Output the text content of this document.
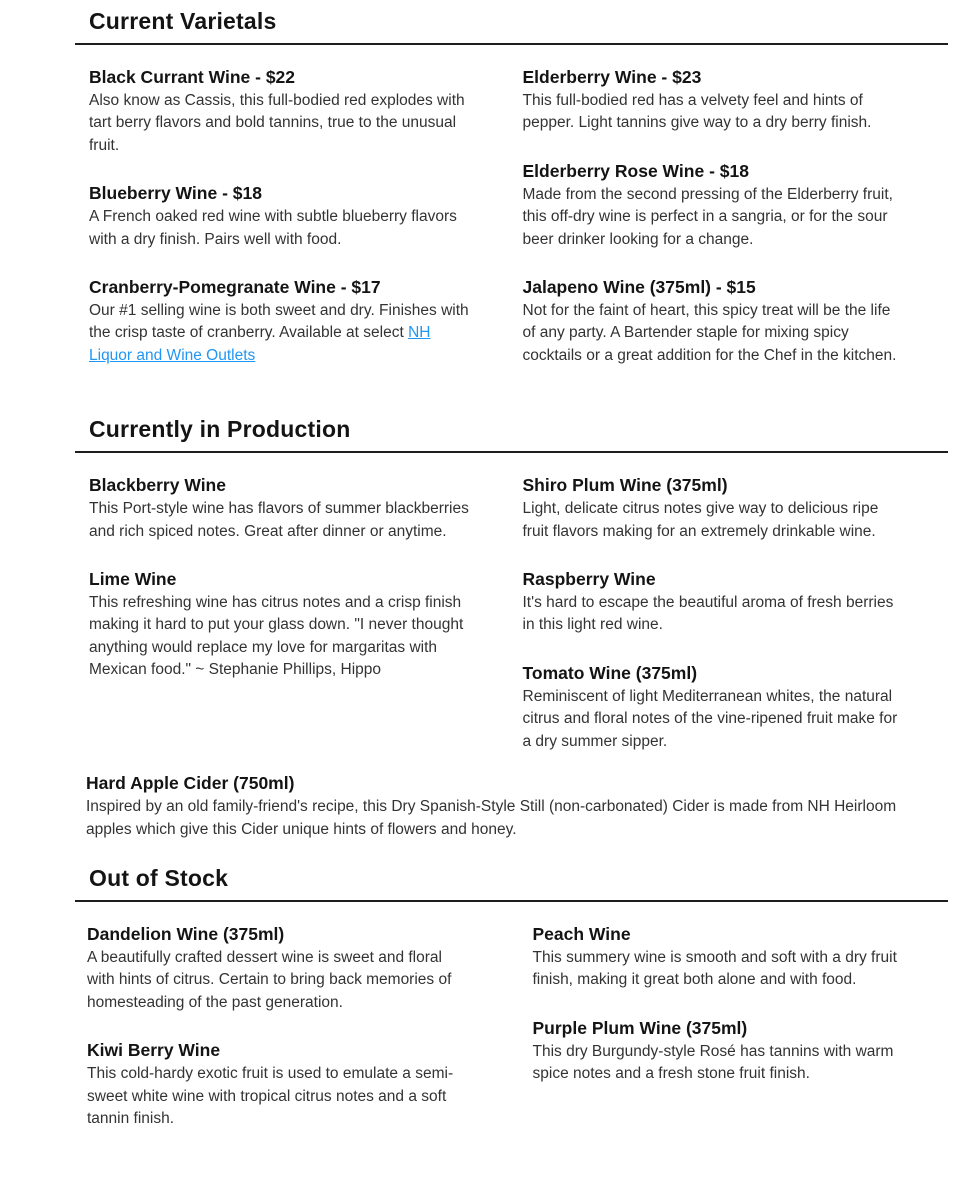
Current Varietals
Black Currant Wine - $22

Also know as Cassis, this full-bodied red explodes with tart berry flavors and bold tannins, true to the unusual fruit.

Blueberry Wine - $18

A French oaked red wine with subtle blueberry flavors with a dry finish. Pairs well with food.

Cranberry-Pomegranate Wine - $17

Our #1 selling wine is both sweet and dry. Finishes with the crisp taste of cranberry. Available at select NH Liquor and Wine Outlets

Elderberry Wine - $23

This full-bodied red has a velvety feel and hints of pepper. Light tannins give way to a dry berry finish.

Elderberry Rose Wine - $18

Made from the second pressing of the Elderberry fruit, this off-dry wine is perfect in a sangria, or for the sour beer drinker looking for a change.

Jalapeno Wine (375ml) - $15

Not for the faint of heart, this spicy treat will be the life of any party. A Bartender staple for mixing spicy cocktails or a great addition for the Chef in the kitchen.

Currently in Production
Blackberry Wine

This Port-style wine has flavors of summer blackberries and rich spiced notes. Great after dinner or anytime.

Lime Wine

This refreshing wine has citrus notes and a crisp finish making it hard to put your glass down. "I never thought anything would replace my love for margaritas with Mexican food." ~ Stephanie Phillips, Hippo

Shiro Plum Wine (375ml)

Light, delicate citrus notes give way to delicious ripe fruit flavors making for an extremely drinkable wine.

Raspberry Wine

It's hard to escape the beautiful aroma of fresh berries in this light red wine.

Tomato Wine (375ml)

Reminiscent of light Mediterranean whites, the natural citrus and floral notes of the vine-ripened fruit make for a dry summer sipper.

Hard Apple Cider (750ml)

Inspired by an old family-friend's recipe, this Dry Spanish-Style Still (non-carbonated) Cider is made from NH Heirloom apples which give this Cider unique hints of flowers and honey.

Out of Stock
Dandelion Wine (375ml)

A beautifully crafted dessert wine is sweet and floral with hints of citrus. Certain to bring back memories of homesteading of the past generation.

Kiwi Berry Wine

This cold-hardy exotic fruit is used to emulate a semi-sweet white wine with tropical citrus notes and a soft tannin finish.

Peach Wine

This summery wine is smooth and soft with a dry fruit finish, making it great both alone and with food.

Purple Plum Wine (375ml)

This dry Burgundy-style Rosé has tannins with warm spice notes and a fresh stone fruit finish.
